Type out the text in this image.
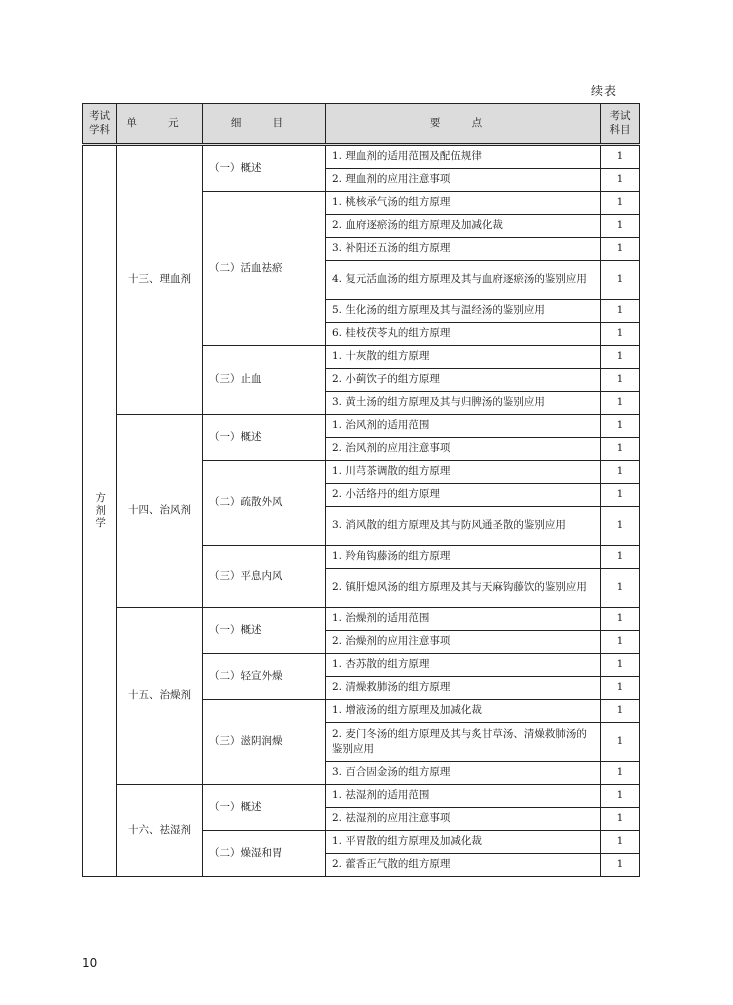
续表
考试学科	单 元	细 目	要 点	考试科目
方剂学	十三、理血剂	（一）概述	1. 理血剂的适用范围及配伍规律	1
			2. 理血剂的应用注意事项	1
		（二）活血祛瘀	1. 桃核承气汤的组方原理	1
			2. 血府逐瘀汤的组方原理及加减化裁	1
			3. 补阳还五汤的组方原理	1
			4. 复元活血汤的组方原理及其与血府逐瘀汤的鉴别应用	1
			5. 生化汤的组方原理及其与温经汤的鉴别应用	1
			6. 桂枝茯苓丸的组方原理	1
		（三）止血	1. 十灰散的组方原理	1
			2. 小蓟饮子的组方原理	1
			3. 黄土汤的组方原理及其与归脾汤的鉴别应用	1
	十四、治风剂	（一）概述	1. 治风剂的适用范围	1
			2. 治风剂的应用注意事项	1
		（二）疏散外风	1. 川芎茶调散的组方原理	1
			2. 小活络丹的组方原理	1
			3. 消风散的组方原理及其与防风通圣散的鉴别应用	1
		（三）平息内风	1. 羚角钩藤汤的组方原理	1
			2. 镇肝熄风汤的组方原理及其与天麻钩藤饮的鉴别应用	1
	十五、治燥剂	（一）概述	1. 治燥剂的适用范围	1
			2. 治燥剂的应用注意事项	1
		（二）轻宣外燥	1. 杏苏散的组方原理	1
			2. 清燥救肺汤的组方原理	1
		（三）滋阴润燥	1. 增液汤的组方原理及加减化裁	1
			2. 麦门冬汤的组方原理及其与炙甘草汤、清燥救肺汤的鉴别应用	1
			3. 百合固金汤的组方原理	1
	十六、祛湿剂	（一）概述	1. 祛湿剂的适用范围	1
			2. 祛湿剂的应用注意事项	1
		（二）燥湿和胃	1. 平胃散的组方原理及加减化裁	1
			2. 藿香正气散的组方原理	1
10
